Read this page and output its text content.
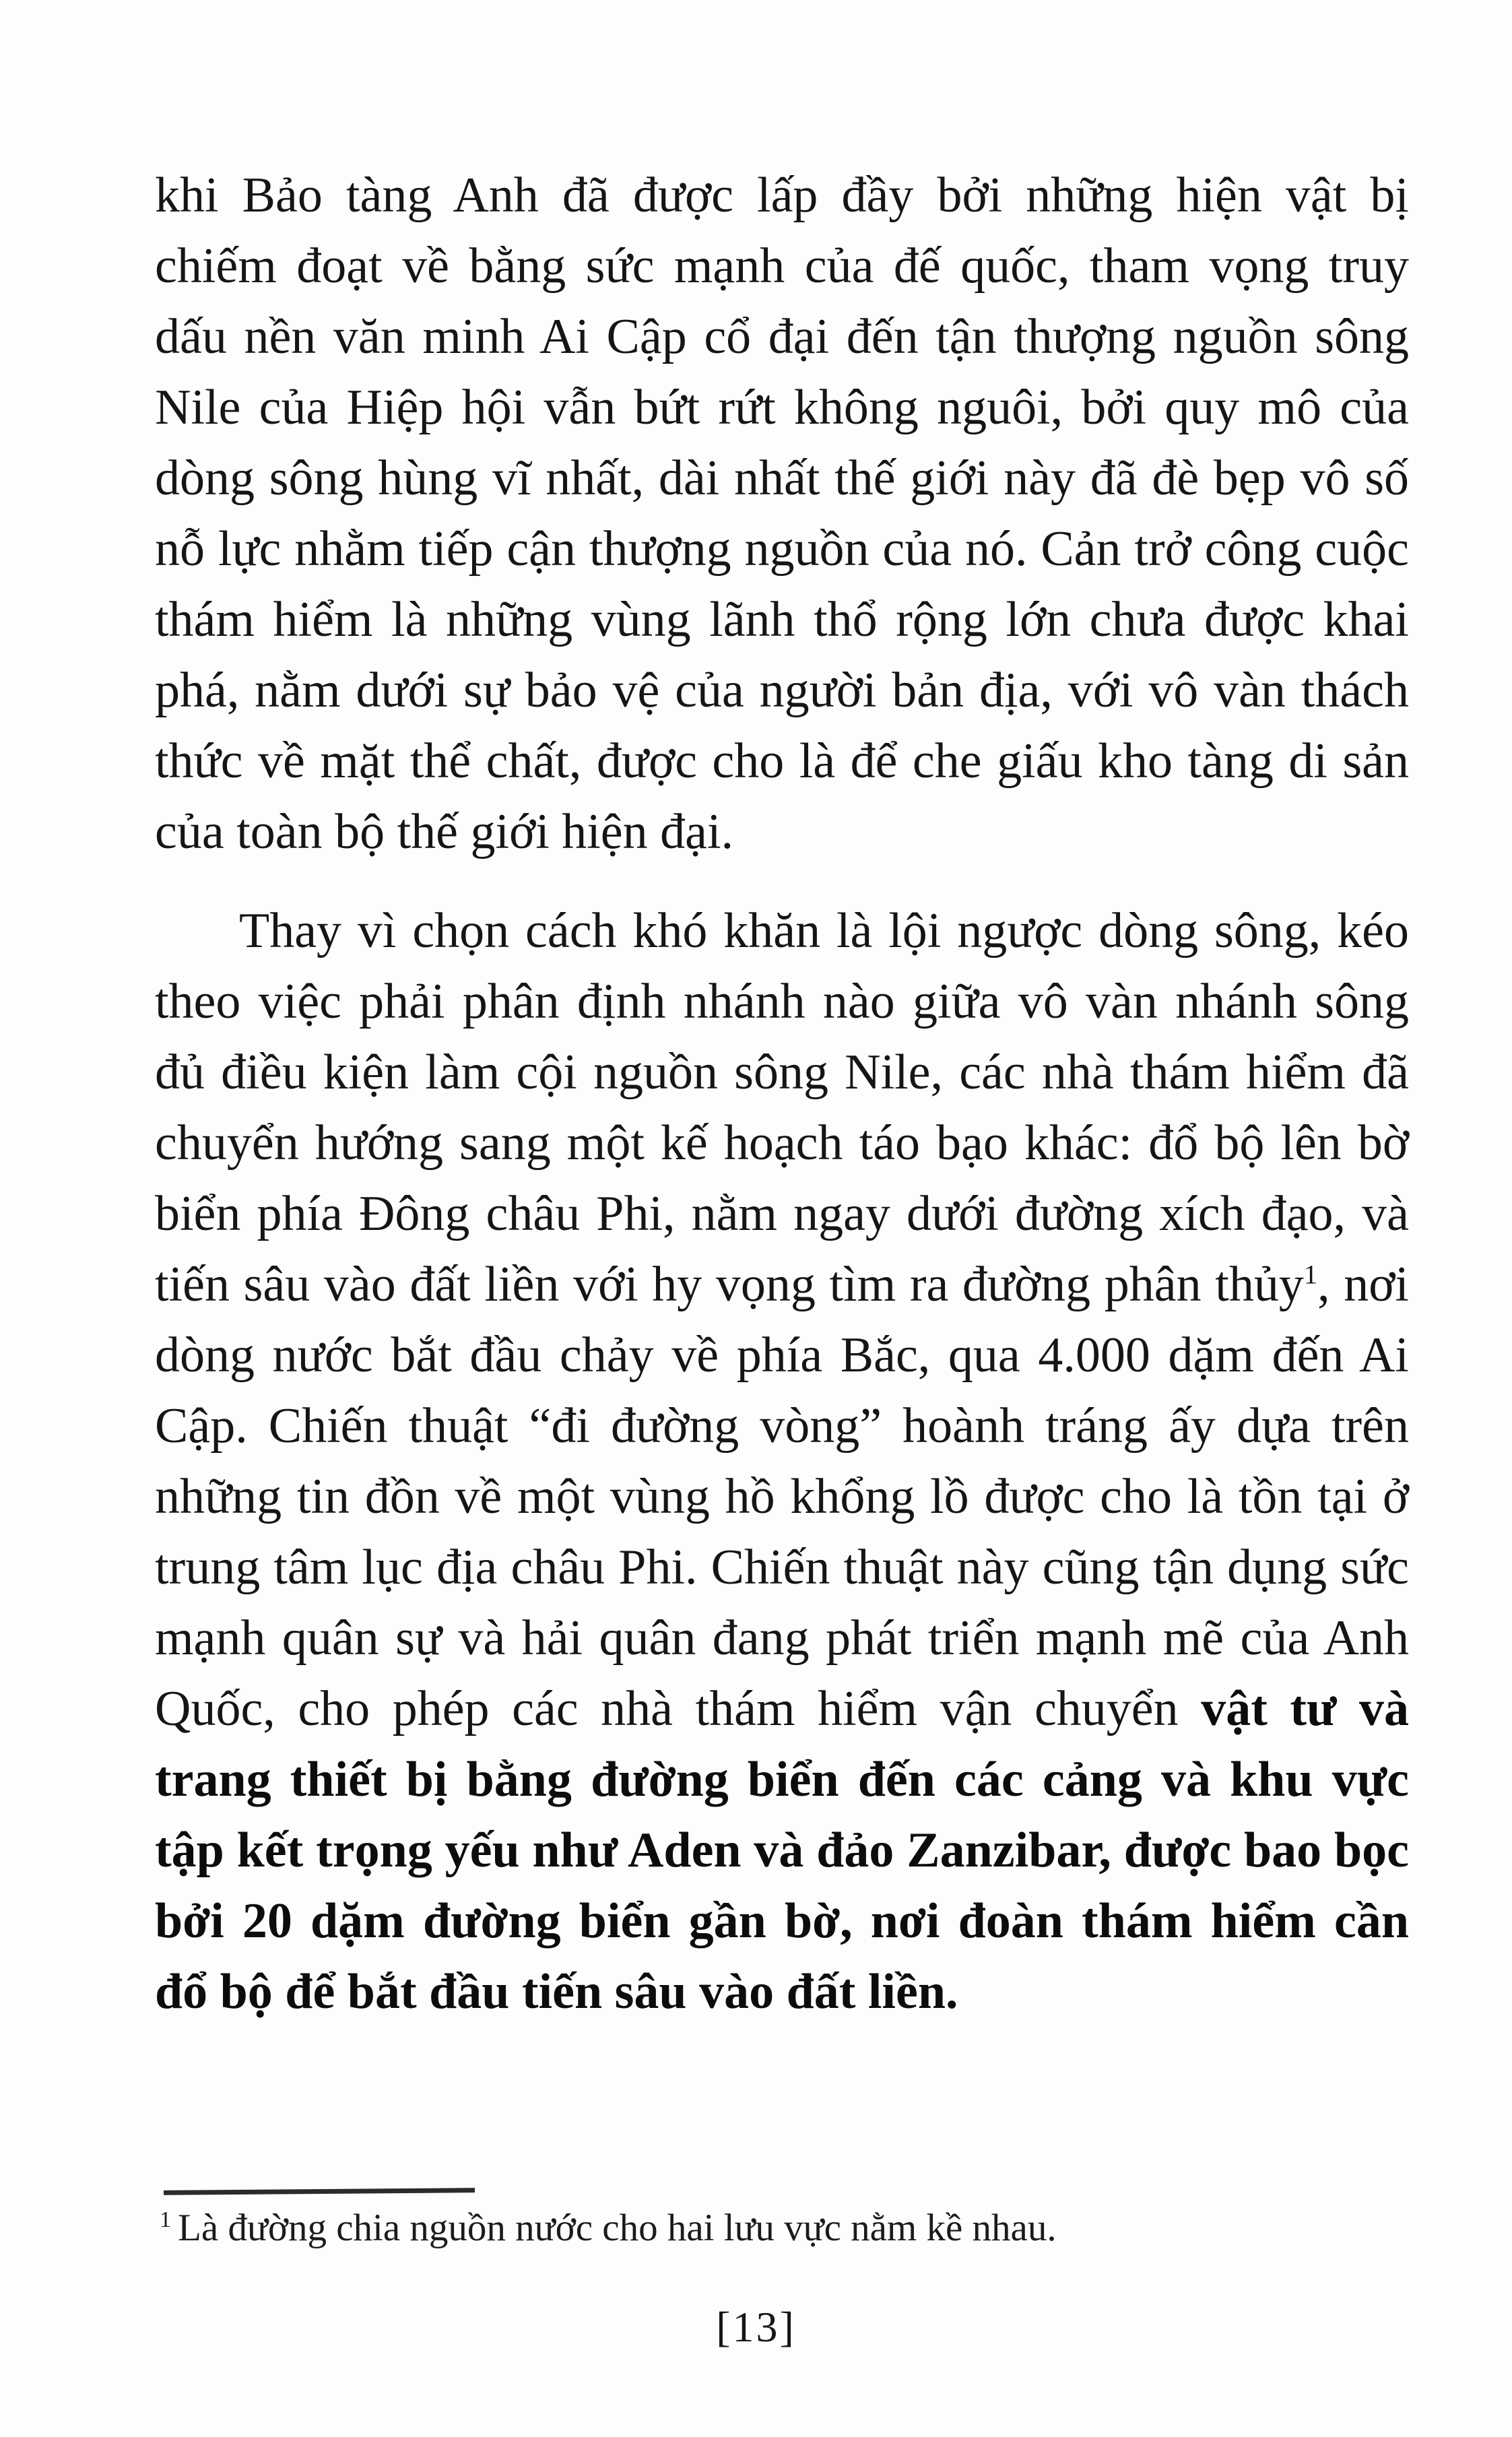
khi Bảo tàng Anh đã được lấp đầy bởi những hiện vật bị chiếm đoạt về bằng sức mạnh của đế quốc, tham vọng truy dấu nền văn minh Ai Cập cổ đại đến tận thượng nguồn sông Nile của Hiệp hội vẫn bứt rứt không nguôi, bởi quy mô của dòng sông hùng vĩ nhất, dài nhất thế giới này đã đè bẹp vô số nỗ lực nhằm tiếp cận thượng nguồn của nó. Cản trở công cuộc thám hiểm là những vùng lãnh thổ rộng lớn chưa được khai phá, nằm dưới sự bảo vệ của người bản địa, với vô vàn thách thức về mặt thể chất, được cho là để che giấu kho tàng di sản của toàn bộ thế giới hiện đại.

Thay vì chọn cách khó khăn là lội ngược dòng sông, kéo theo việc phải phân định nhánh nào giữa vô vàn nhánh sông đủ điều kiện làm cội nguồn sông Nile, các nhà thám hiểm đã chuyển hướng sang một kế hoạch táo bạo khác: đổ bộ lên bờ biển phía Đông châu Phi, nằm ngay dưới đường xích đạo, và tiến sâu vào đất liền với hy vọng tìm ra đường phân thủy$^1$, nơi dòng nước bắt đầu chảy về phía Bắc, qua 4.000 dặm đến Ai Cập. Chiến thuật “đi đường vòng” hoành tráng ấy dựa trên những tin đồn về một vùng hồ khổng lồ được cho là tồn tại ở trung tâm lục địa châu Phi. Chiến thuật này cũng tận dụng sức mạnh quân sự và hải quân đang phát triển mạnh mẽ của Anh Quốc, cho phép các nhà thám hiểm vận chuyển vật tư và trang thiết bị bằng đường biển đến các cảng và khu vực tập kết trọng yếu như Aden và đảo Zanzibar, được bao bọc bởi 20 dặm đường biển gần bờ, nơi đoàn thám hiểm cần đổ bộ để bắt đầu tiến sâu vào đất liền.

$^1$ Là đường chia nguồn nước cho hai lưu vực nằm kề nhau.
[13]
